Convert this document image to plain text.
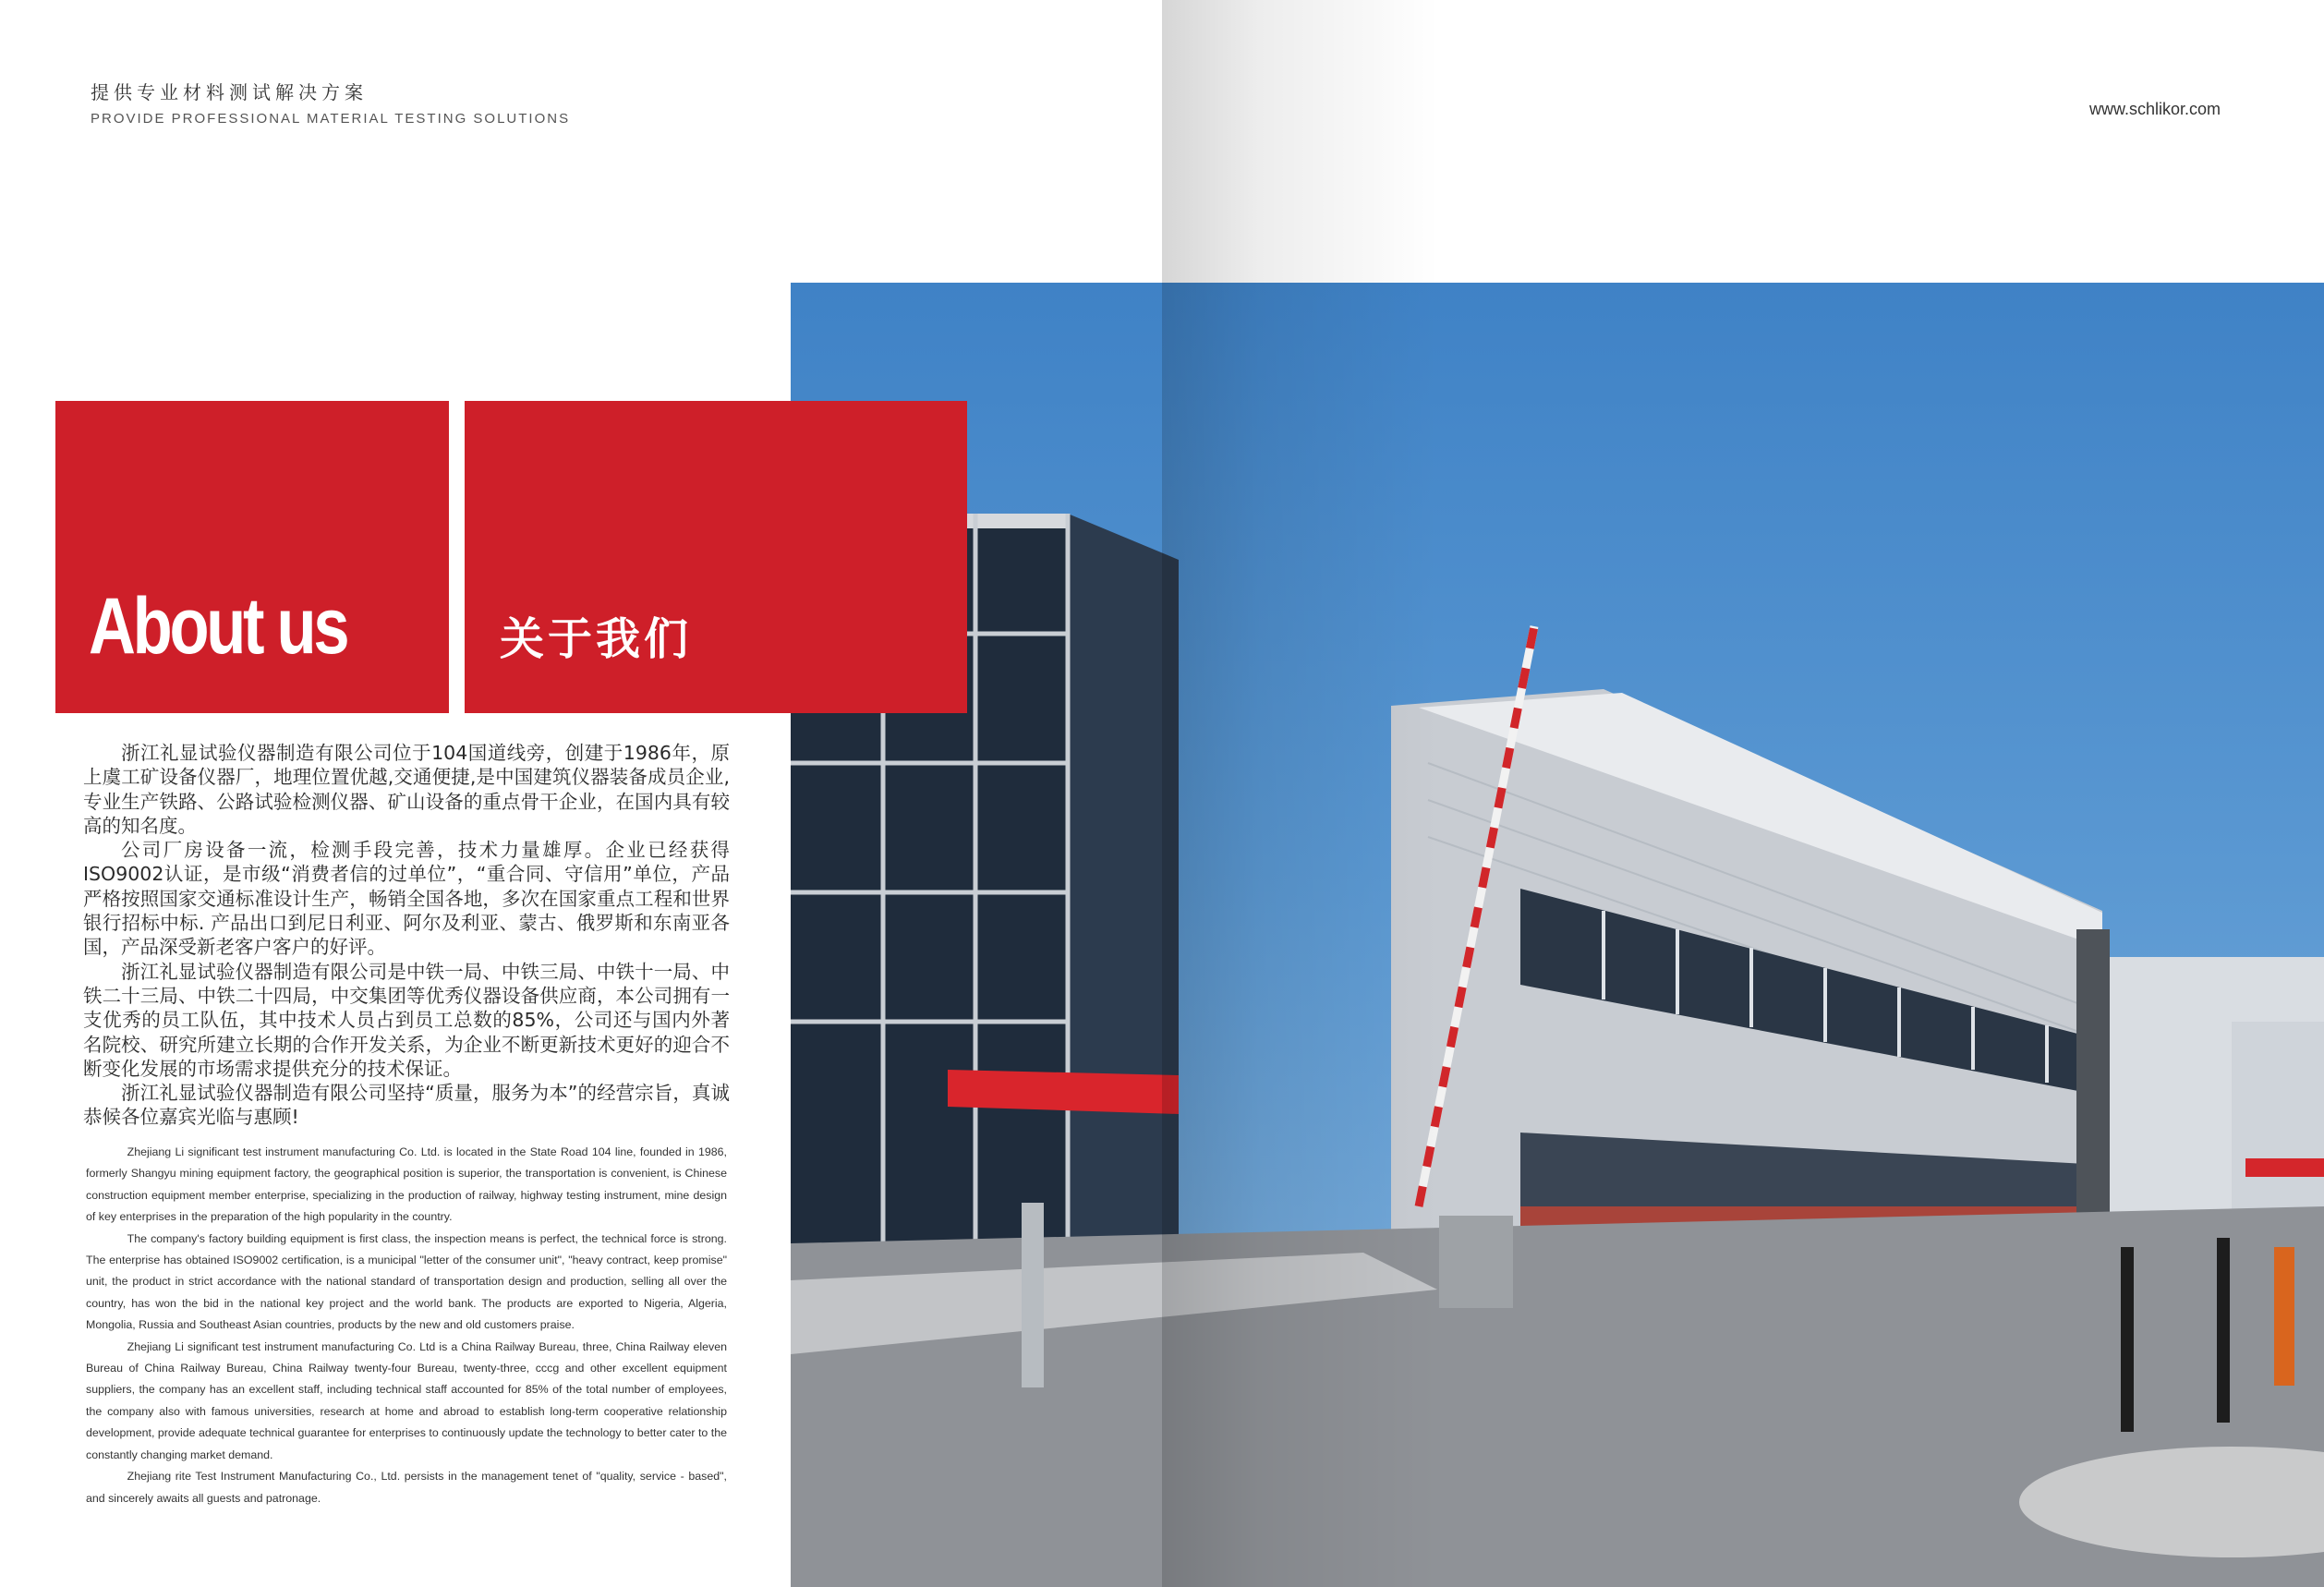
提供专业材料测试解决方案
PROVIDE PROFESSIONAL MATERIAL TESTING SOLUTIONS
www.schlikor.com
About us	关于我们

浙江礼显试验仪器制造有限公司位于104国道线旁，创建于1986年，原上虞工矿设备仪器厂，地理位置优越,交通便捷,是中国建筑仪器装备成员企业,专业生产铁路、公路试验检测仪器、矿山设备的重点骨干企业，在国内具有较高的知名度。

公司厂房设备一流，检测手段完善，技术力量雄厚。企业已经获得ISO9002认证，是市级“消费者信的过单位”，“重合同、守信用”单位，产品严格按照国家交通标准设计生产，畅销全国各地，多次在国家重点工程和世界银行招标中标. 产品出口到尼日利亚、阿尔及利亚、蒙古、俄罗斯和东南亚各国，产品深受新老客户客户的好评。

浙江礼显试验仪器制造有限公司是中铁一局、中铁三局、中铁十一局、中铁二十三局、中铁二十四局，中交集团等优秀仪器设备供应商，本公司拥有一支优秀的员工队伍，其中技术人员占到员工总数的85%，公司还与国内外著名院校、研究所建立长期的合作开发关系，为企业不断更新技术更好的迎合不断变化发展的市场需求提供充分的技术保证。

浙江礼显试验仪器制造有限公司坚持“质量，服务为本”的经营宗旨，真诚恭候各位嘉宾光临与惠顾!

Zhejiang Li significant test instrument manufacturing Co. Ltd. is located in the State Road 104 line, founded in 1986, formerly Shangyu mining equipment factory, the geographical position is superior, the transportation is convenient, is Chinese construction equipment member enterprise, specializing in the production of railway, highway testing instrument, mine design of key enterprises in the preparation of the high popularity in the country.

The company's factory building equipment is first class, the inspection means is perfect, the technical force is strong. The enterprise has obtained ISO9002 certification, is a municipal "letter of the consumer unit", "heavy contract, keep promise" unit, the product in strict accordance with the national standard of transportation design and production, selling all over the country, has won the bid in the national key project and the world bank. The products are exported to Nigeria, Algeria, Mongolia, Russia and Southeast Asian countries, products by the new and old customers praise.

Zhejiang Li significant test instrument manufacturing Co. Ltd is a China Railway Bureau, three, China Railway eleven Bureau of China Railway Bureau, China Railway twenty-four Bureau, twenty-three, cccg and other excellent equipment suppliers, the company has an excellent staff, including technical staff accounted for 85% of the total number of employees, the company also with famous universities, research at home and abroad to establish long-term cooperative relationship development, provide adequate technical guarantee for enterprises to continuously update the technology to better cater to the constantly changing market demand.

Zhejiang rite Test Instrument Manufacturing Co., Ltd. persists in the management tenet of "quality, service - based", and sincerely awaits all guests and patronage.
